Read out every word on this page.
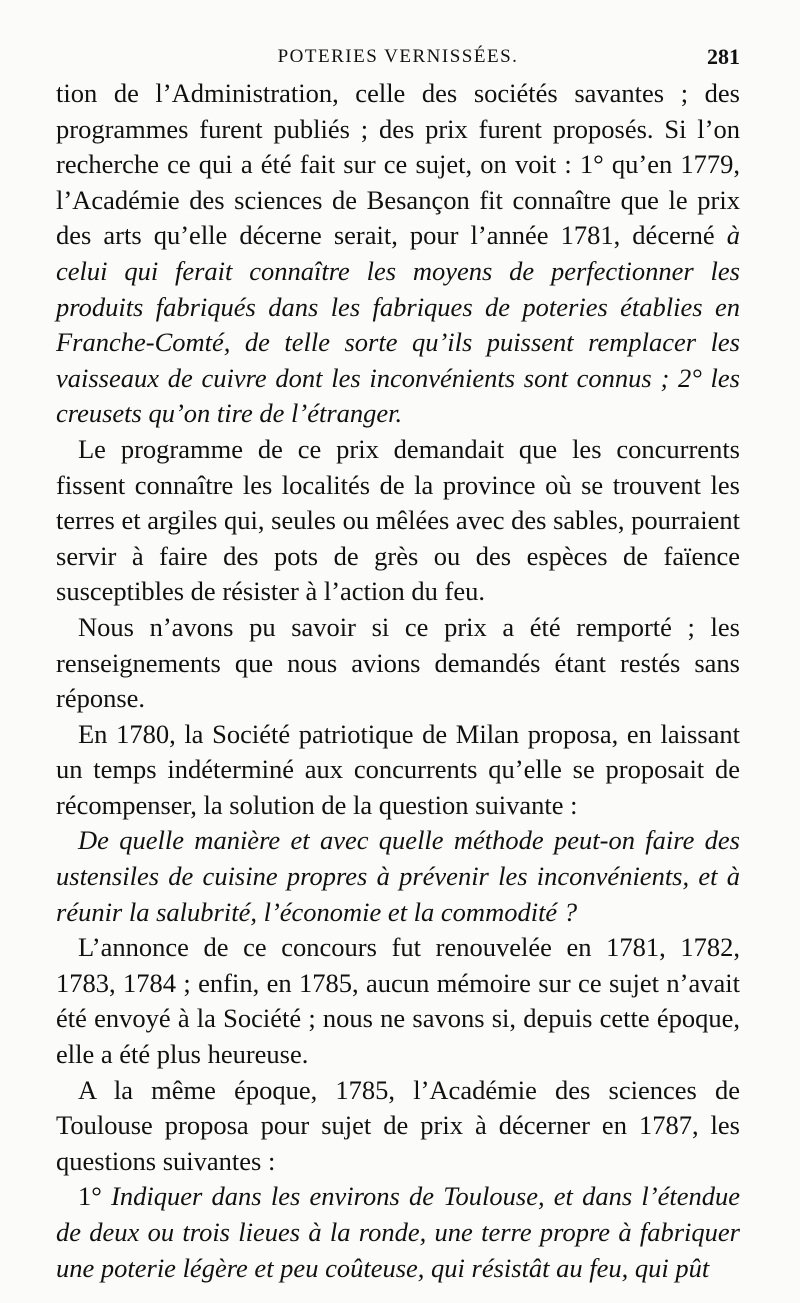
POTERIES VERNISSÉES.	281

tion de l’Administration, celle des sociétés savantes ; des programmes furent publiés ; des prix furent proposés. Si l’on recherche ce qui a été fait sur ce sujet, on voit : 1° qu’en 1779, l’Académie des sciences de Besançon fit connaître que le prix des arts qu’elle décerne serait, pour l’année 1781, décerné à celui qui ferait connaître les moyens de perfectionner les produits fabriqués dans les fabriques de poteries établies en Franche-Comté, de telle sorte qu’ils puissent remplacer les vaisseaux de cuivre dont les inconvénients sont connus ; 2° les creusets qu’on tire de l’étranger.

Le programme de ce prix demandait que les concurrents fissent connaître les localités de la province où se trouvent les terres et argiles qui, seules ou mêlées avec des sables, pourraient servir à faire des pots de grès ou des espèces de faïence susceptibles de résister à l’action du feu.

Nous n’avons pu savoir si ce prix a été remporté ; les renseignements que nous avions demandés étant restés sans réponse.

En 1780, la Société patriotique de Milan proposa, en laissant un temps indéterminé aux concurrents qu’elle se proposait de récompenser, la solution de la question suivante :

De quelle manière et avec quelle méthode peut-on faire des ustensiles de cuisine propres à prévenir les inconvénients, et à réunir la salubrité, l’économie et la commodité ?

L’annonce de ce concours fut renouvelée en 1781, 1782, 1783, 1784 ; enfin, en 1785, aucun mémoire sur ce sujet n’avait été envoyé à la Société ; nous ne savons si, depuis cette époque, elle a été plus heureuse.

A la même époque, 1785, l’Académie des sciences de Toulouse proposa pour sujet de prix à décerner en 1787, les questions suivantes :

1° Indiquer dans les environs de Toulouse, et dans l’étendue de deux ou trois lieues à la ronde, une terre propre à fabriquer une poterie légère et peu coûteuse, qui résistât au feu, qui pût
